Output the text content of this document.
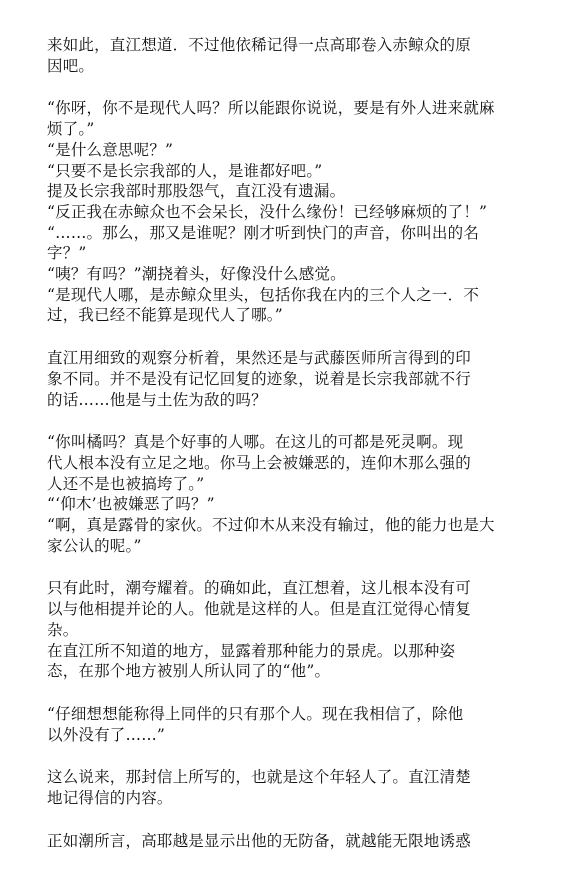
来如此，直江想道．不过他依稀记得一点高耶卷入赤鲸众的原
因吧。

“你呀，你不是现代人吗？所以能跟你说说，要是有外人进来就麻
烦了。”
“是什么意思呢？”
“只要不是长宗我部的人，是谁都好吧。”
提及长宗我部时那股怨气，直江没有遗漏。
“反正我在赤鲸众也不会呆长，没什么缘份！已经够麻烦的了！”
“……。那么，那又是谁呢？刚才听到快门的声音，你叫出的名
字？”
“咦？有吗？”潮挠着头，好像没什么感觉。
“是现代人哪，是赤鲸众里头，包括你我在内的三个人之一．不
过，我已经不能算是现代人了哪。”

直江用细致的观察分析着，果然还是与武藤医师所言得到的印
象不同。并不是没有记忆回复的迹象，说着是长宗我部就不行
的话……他是与土佐为敌的吗？

“你叫橘吗？真是个好事的人哪。在这儿的可都是死灵啊。现
代人根本没有立足之地。你马上会被嫌恶的，连仰木那么强的
人还不是也被搞垮了。”
“‘仰木’也被嫌恶了吗？”
“啊，真是露骨的家伙。不过仰木从来没有输过，他的能力也是大
家公认的呢。”

只有此时，潮夸耀着。的确如此，直江想着，这儿根本没有可
以与他相提并论的人。他就是这样的人。但是直江觉得心情复
杂。
在直江所不知道的地方，显露着那种能力的景虎。以那种姿
态，在那个地方被别人所认同了的“他”。

“仔细想想能称得上同伴的只有那个人。现在我相信了，除他
以外没有了……”

这么说来，那封信上所写的，也就是这个年轻人了。直江清楚
地记得信的内容。

正如潮所言，高耶越是显示出他的无防备，就越能无限地诱惑
